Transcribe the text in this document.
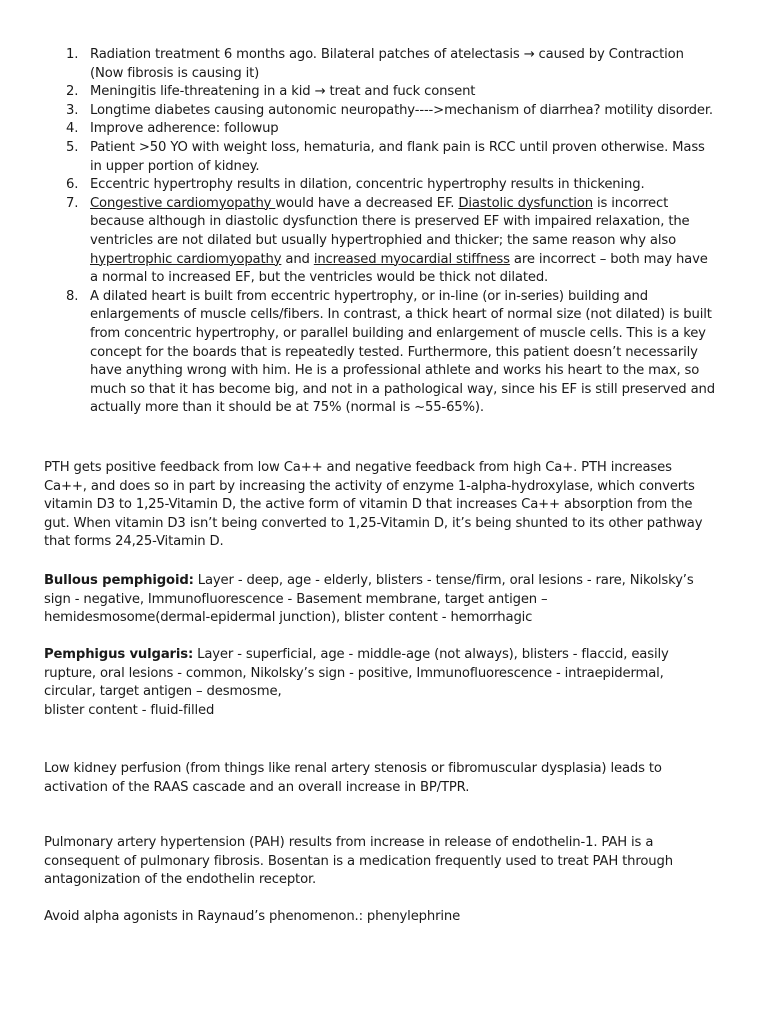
1. Radiation treatment 6 months ago. Bilateral patches of atelectasis → caused by Contraction (Now fibrosis is causing it)
2. Meningitis life-threatening in a kid → treat and fuck consent
3. Longtime diabetes causing autonomic neuropathy---->mechanism of diarrhea? motility disorder.
4. Improve adherence: followup
5. Patient >50 YO with weight loss, hematuria, and flank pain is RCC until proven otherwise. Mass in upper portion of kidney.
6. Eccentric hypertrophy results in dilation, concentric hypertrophy results in thickening.
7. Congestive cardiomyopathy would have a decreased EF. Diastolic dysfunction is incorrect because although in diastolic dysfunction there is preserved EF with impaired relaxation, the ventricles are not dilated but usually hypertrophied and thicker; the same reason why also hypertrophic cardiomyopathy and increased myocardial stiffness are incorrect – both may have a normal to increased EF, but the ventricles would be thick not dilated.
8. A dilated heart is built from eccentric hypertrophy, or in-line (or in-series) building and enlargements of muscle cells/fibers. In contrast, a thick heart of normal size (not dilated) is built from concentric hypertrophy, or parallel building and enlargement of muscle cells. This is a key concept for the boards that is repeatedly tested. Furthermore, this patient doesn’t necessarily have anything wrong with him. He is a professional athlete and works his heart to the max, so much so that it has become big, and not in a pathological way, since his EF is still preserved and actually more than it should be at 75% (normal is ~55-65%).

PTH gets positive feedback from low Ca++ and negative feedback from high Ca+. PTH increases Ca++, and does so in part by increasing the activity of enzyme 1-alpha-hydroxylase, which converts vitamin D3 to 1,25-Vitamin D, the active form of vitamin D that increases Ca++ absorption from the gut. When vitamin D3 isn’t being converted to 1,25-Vitamin D, it’s being shunted to its other pathway that forms 24,25-Vitamin D.

Bullous pemphigoid: Layer - deep, age - elderly, blisters - tense/firm, oral lesions - rare, Nikolsky’s sign - negative, Immunofluorescence - Basement membrane, target antigen – hemidesmosome(dermal-epidermal junction), blister content - hemorrhagic

Pemphigus vulgaris: Layer - superficial, age - middle-age (not always), blisters - flaccid, easily rupture, oral lesions - common, Nikolsky’s sign - positive, Immunofluorescence - intraepidermal, circular, target antigen – desmosme,
blister content - fluid-filled

Low kidney perfusion (from things like renal artery stenosis or fibromuscular dysplasia) leads to activation of the RAAS cascade and an overall increase in BP/TPR.

Pulmonary artery hypertension (PAH) results from increase in release of endothelin-1. PAH is a consequent of pulmonary fibrosis. Bosentan is a medication frequently used to treat PAH through antagonization of the endothelin receptor.

Avoid alpha agonists in Raynaud’s phenomenon.: phenylephrine
